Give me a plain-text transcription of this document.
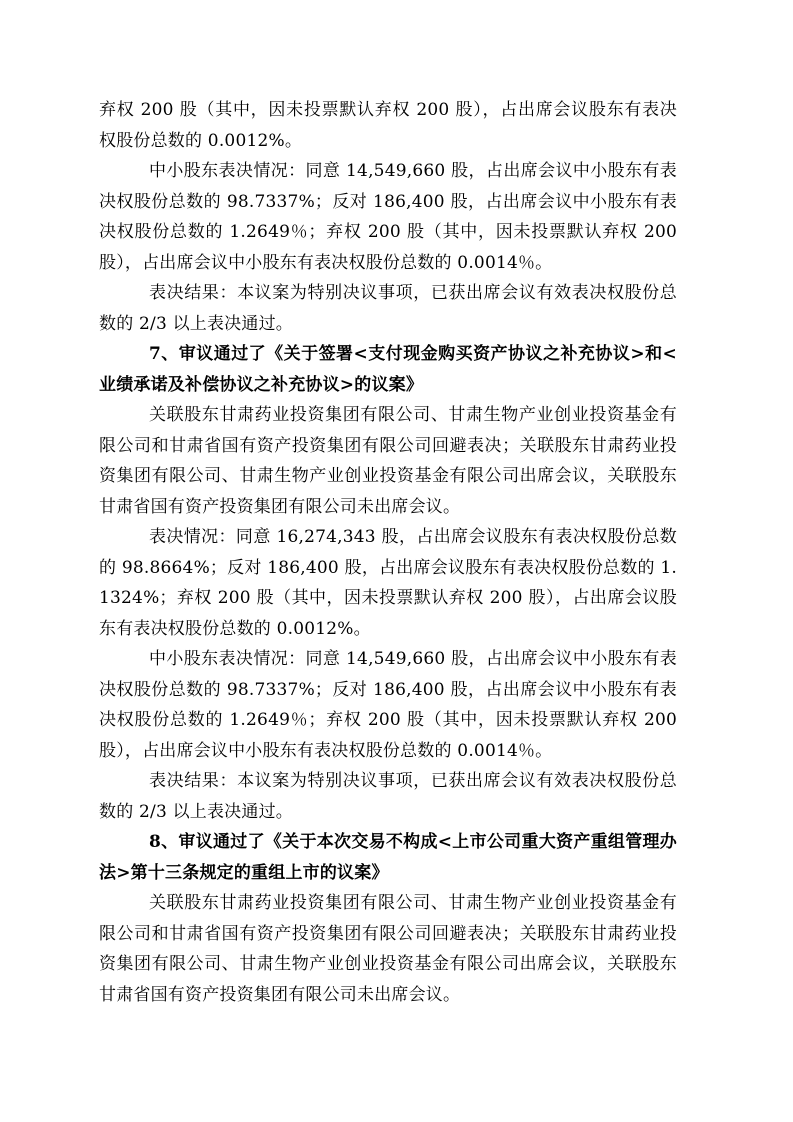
弃权 200 股（其中，因未投票默认弃权 200 股），占出席会议股东有表决权股份总数的 0.0012%。

中小股东表决情况：同意 14,549,660 股，占出席会议中小股东有表决权股份总数的 98.7337%；反对 186,400 股，占出席会议中小股东有表决权股份总数的 1.2649％；弃权 200 股（其中，因未投票默认弃权 200 股），占出席会议中小股东有表决权股份总数的 0.0014％。

表决结果：本议案为特别决议事项，已获出席会议有效表决权股份总数的 2/3 以上表决通过。

7、审议通过了《关于签署<支付现金购买资产协议之补充协议>和<业绩承诺及补偿协议之补充协议>的议案》

关联股东甘肃药业投资集团有限公司、甘肃生物产业创业投资基金有限公司和甘肃省国有资产投资集团有限公司回避表决；关联股东甘肃药业投资集团有限公司、甘肃生物产业创业投资基金有限公司出席会议，关联股东甘肃省国有资产投资集团有限公司未出席会议。

表决情况：同意 16,274,343 股，占出席会议股东有表决权股份总数的 98.8664%；反对 186,400 股，占出席会议股东有表决权股份总数的 1.1324%；弃权 200 股（其中，因未投票默认弃权 200 股），占出席会议股东有表决权股份总数的 0.0012%。

中小股东表决情况：同意 14,549,660 股，占出席会议中小股东有表决权股份总数的 98.7337%；反对 186,400 股，占出席会议中小股东有表决权股份总数的 1.2649％；弃权 200 股（其中，因未投票默认弃权 200 股），占出席会议中小股东有表决权股份总数的 0.0014％。

表决结果：本议案为特别决议事项，已获出席会议有效表决权股份总数的 2/3 以上表决通过。

8、审议通过了《关于本次交易不构成<上市公司重大资产重组管理办法>第十三条规定的重组上市的议案》

关联股东甘肃药业投资集团有限公司、甘肃生物产业创业投资基金有限公司和甘肃省国有资产投资集团有限公司回避表决；关联股东甘肃药业投资集团有限公司、甘肃生物产业创业投资基金有限公司出席会议，关联股东甘肃省国有资产投资集团有限公司未出席会议。
